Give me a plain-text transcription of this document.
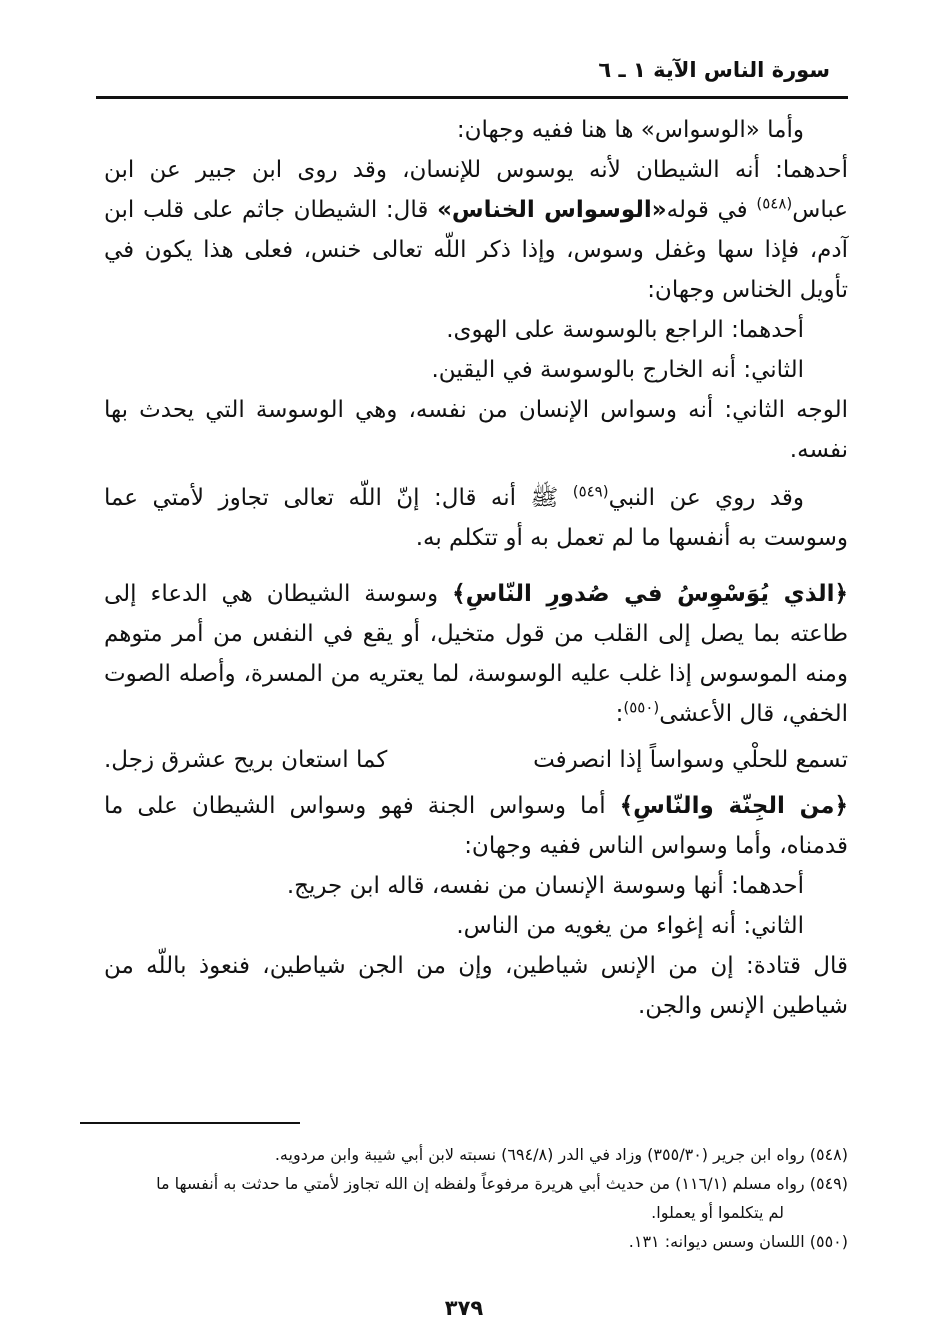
سورة الناس الآية ١ ـ ٦

وأما «الوسواس» ها هنا ففيه وجهان:

أحدهما: أنه الشيطان لأنه يوسوس للإنسان، وقد روى ابن جبير عن ابن عباس$^{(٥٤٨)}$ في قوله«الوسواس الخناس» قال: الشيطان جاثم على قلب ابن آدم، فإذا سها وغفل وسوس، وإذا ذكر اللّه تعالى خنس، فعلى هذا يكون في تأويل الخناس وجهان:

أحدهما: الراجع بالوسوسة على الهوى.

الثاني: أنه الخارج بالوسوسة في اليقين.

الوجه الثاني: أنه وسواس الإنسان من نفسه، وهي الوسوسة التي يحدث بها نفسه.

وقد روي عن النبي$^{(٥٤٩)}$ ﷺ أنه قال: إنّ اللّه تعالى تجاوز لأمتي عما وسوست به أنفسها ما لم تعمل به أو تتكلم به.

﴿الذي يُوَسْوِسُ في صُدورِ النّاسِ﴾ وسوسة الشيطان هي الدعاء إلى طاعته بما يصل إلى القلب من قول متخيل، أو يقع في النفس من أمر متوهم ومنه الموسوس إذا غلب عليه الوسوسة، لما يعتريه من المسرة، وأصله الصوت الخفي، قال الأعشى$^{(٥٥٠)}$:

تسمع للحلْي وسواساً إذا انصرفت
كما استعان بريح عشرق زجل.

﴿من الجِنّة والنّاسِ﴾ أما وسواس الجنة فهو وسواس الشيطان على ما قدمناه، وأما وسواس الناس ففيه وجهان:

أحدهما: أنها وسوسة الإنسان من نفسه، قاله ابن جريج.

الثاني: أنه إغواء من يغويه من الناس.

قال قتادة: إن من الإنس شياطين، وإن من الجن شياطين، فنعوذ باللّه من شياطين الإنس والجن.

(٥٤٨) رواه ابن جرير (٣٥٥/٣٠) وزاد في الدر (٦٩٤/٨) نسبته لابن أبي شيبة وابن مردويه.

(٥٤٩) رواه مسلم (١١٦/١) من حديث أبي هريرة مرفوعاً ولفظه إن الله تجاوز لأمتي ما حدثت به أنفسها ما

لم يتكلموا أو يعملوا.

(٥٥٠) اللسان وسس ديوانه: ١٣١.

٣٧٩
